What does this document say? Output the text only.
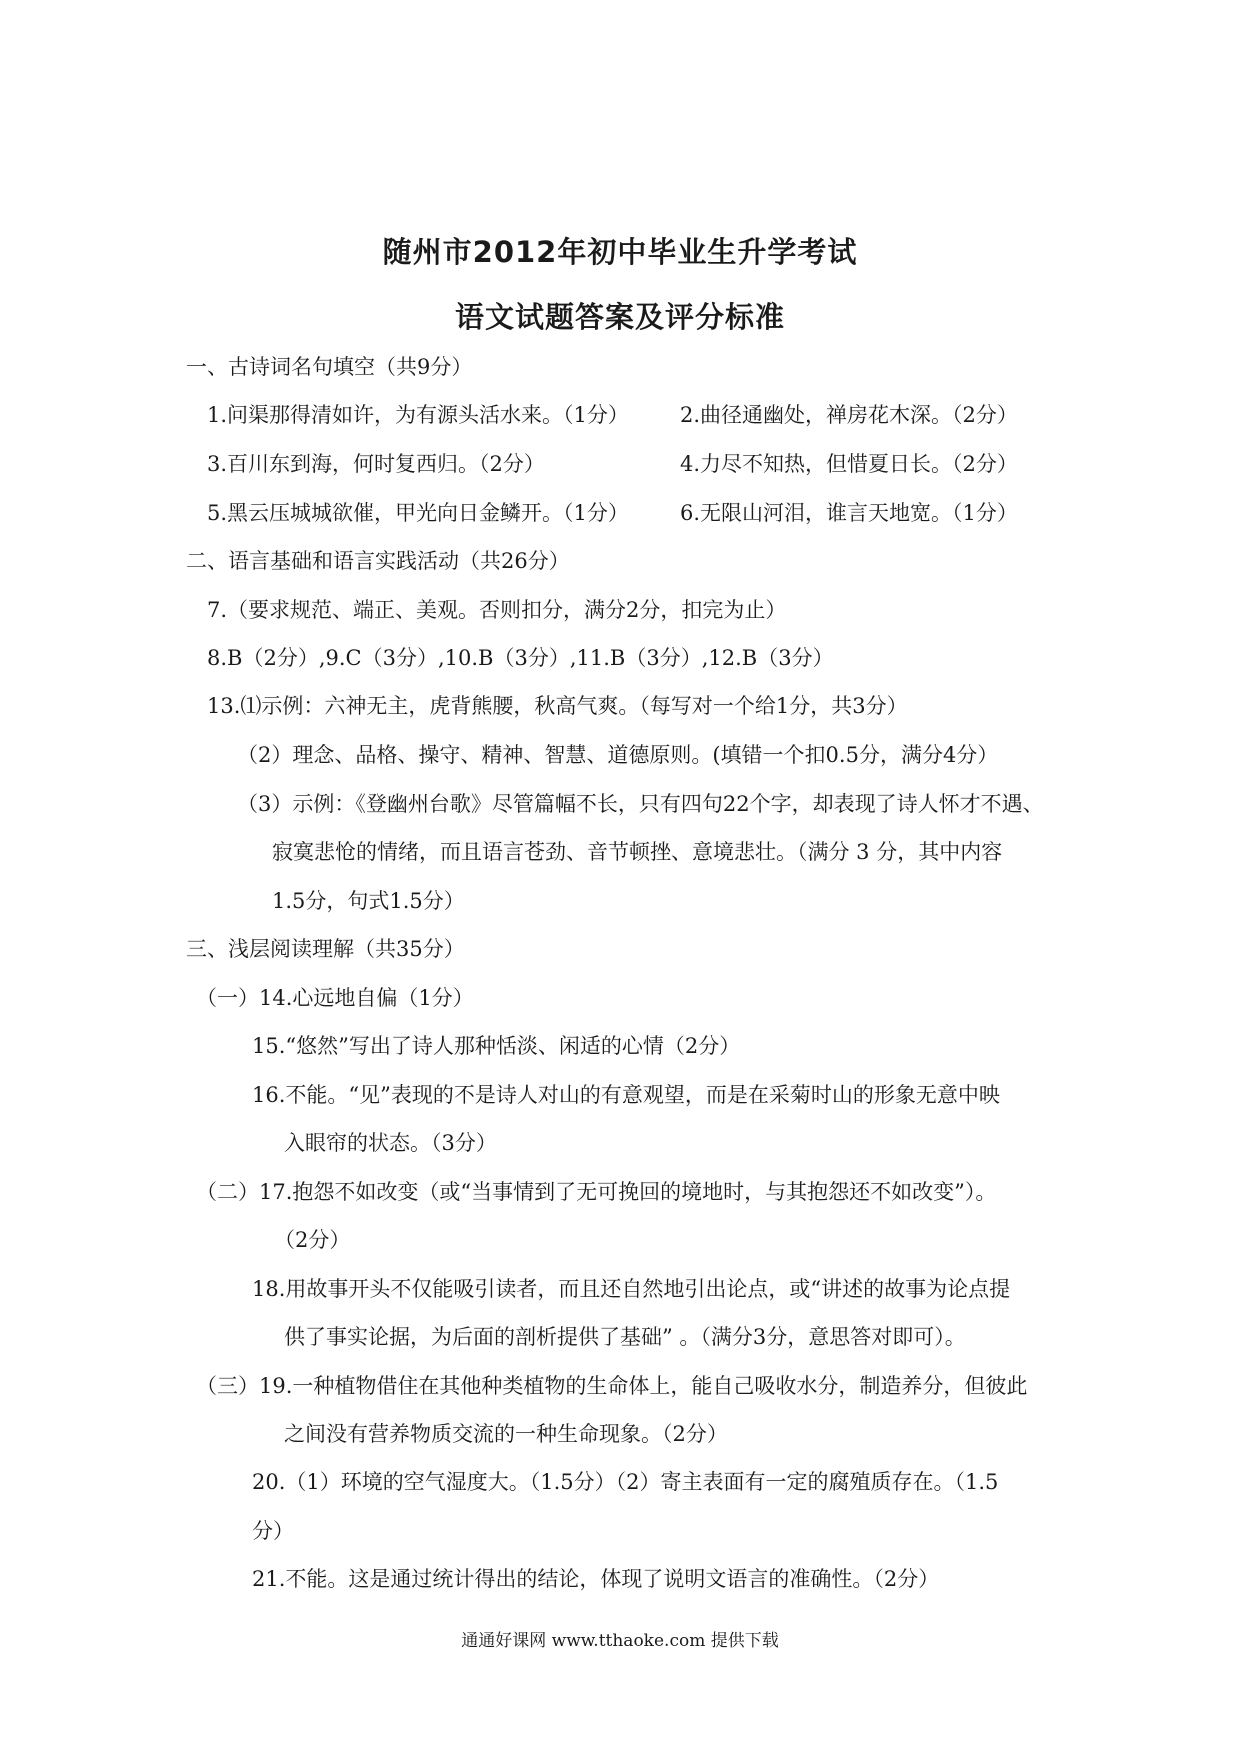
随州市2012年初中毕业生升学考试
语文试题答案及评分标准
一、古诗词名句填空（共9分）
1.问渠那得清如许，为有源头活水来。（1分） 2.曲径通幽处，禅房花木深。（2分）
3.百川东到海，何时复西归。（2分）	4.力尽不知热，但惜夏日长。（2分）
5.黑云压城城欲催，甲光向日金鳞开。（1分） 6.无限山河泪，谁言天地宽。（1分）
二、语言基础和语言实践活动（共26分）
7.（要求规范、端正、美观。否则扣分，满分2分，扣完为止）
8.B（2分）,9.C（3分）,10.B（3分）,11.B（3分）,12.B（3分）
13.⑴示例：六神无主，虎背熊腰，秋高气爽。（每写对一个给1分，共3分）
（2）理念、品格、操守、精神、智慧、道德原则。(填错一个扣0.5分，满分4分）
（3）示例：《登幽州台歌》尽管篇幅不长，只有四句22个字，却表现了诗人怀才不遇、
寂寞悲怆的情绪，而且语言苍劲、音节顿挫、意境悲壮。（满分 3 分，其中内容
1.5分，句式1.5分）
三、浅层阅读理解（共35分）
（一）14.心远地自偏（1分）
15.“悠然”写出了诗人那种恬淡、闲适的心情（2分）
16.不能。“见”表现的不是诗人对山的有意观望，而是在采菊时山的形象无意中映
入眼帘的状态。（3分）
（二）17.抱怨不如改变（或“当事情到了无可挽回的境地时，与其抱怨还不如改变”）。
（2分）
18.用故事开头不仅能吸引读者，而且还自然地引出论点，或“讲述的故事为论点提
供了事实论据，为后面的剖析提供了基础” 。（满分3分，意思答对即可）。
（三）19.一种植物借住在其他种类植物的生命体上，能自己吸收水分，制造养分，但彼此
之间没有营养物质交流的一种生命现象。（2分）
20.（1）环境的空气湿度大。（1.5分）（2）寄主表面有一定的腐殖质存在。（1.5
分）
21.不能。这是通过统计得出的结论，体现了说明文语言的准确性。（2分）
通通好课网 www.tthaoke.com 提供下载
